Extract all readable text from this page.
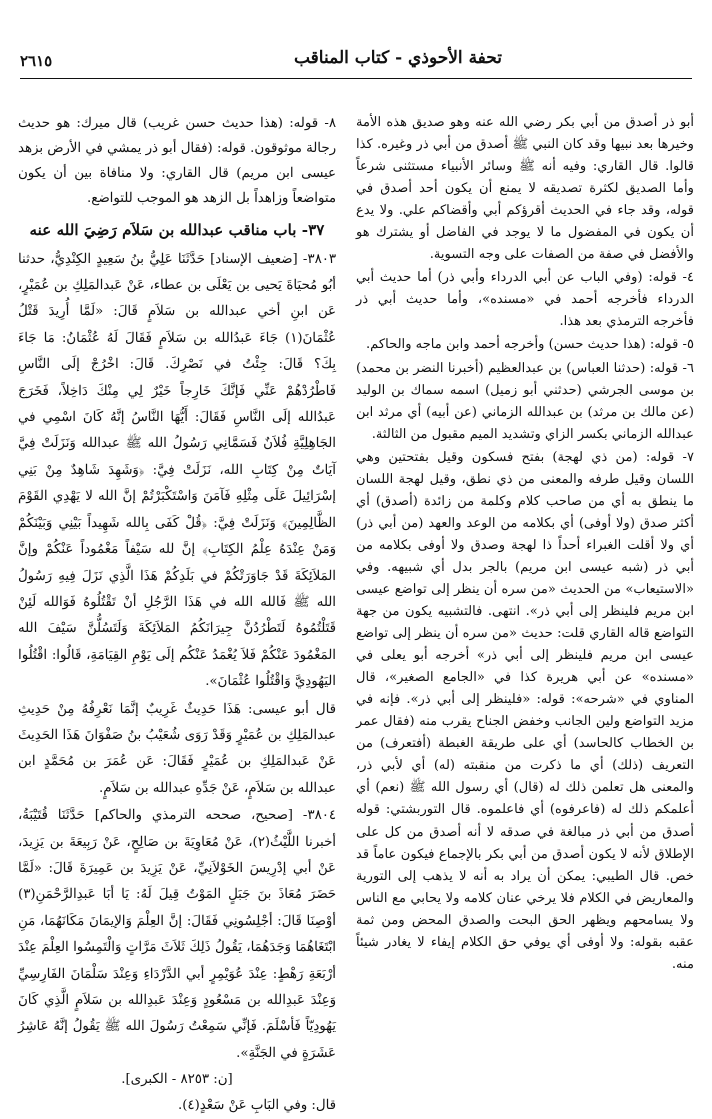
تحفة الأحوذي - كتاب المناقب
٢٦١٥

أبو ذر أصدق من أبي بكر رضي الله عنه وهو صديق هذه الأمة وخيرها بعد نبيها وقد كان النبي ﷺ أصدق من أبي ذر وغيره. كذا قالوا. قال القاري: وفيه أنه ﷺ وسائر الأنبياء مستثنى شرعاً وأما الصديق لكثرة تصديقه لا يمنع أن يكون أحد أصدق في قوله، وقد جاء في الحديث أقرؤكم أبي وأقضاكم علي. ولا يدع أن يكون في المفضول ما لا يوجد في الفاضل أو يشترك هو والأفضل في صفة من الصفات على وجه التسوية.

٤- قوله: (وفي الباب عن أبي الدرداء وأبي ذر) أما حديث أبي الدرداء فأخرجه أحمد في «مسنده»، وأما حديث أبي ذر فأخرجه الترمذي بعد هذا.

٥- قوله: (هذا حديث حسن) وأخرجه أحمد وابن ماجه والحاكم.

٦- قوله: (حدثنا العباس) بن عبدالعظيم (أخبرنا النضر بن محمد) بن موسى الجرشي (حدثني أبو زميل) اسمه سماك بن الوليد (عن مالك بن مرثد) بن عبدالله الزماني (عن أبيه) أي مرثد ابن عبدالله الزماني بكسر الزاي وتشديد الميم مقبول من الثالثة.

٧- قوله: (من ذي لهجة) بفتح فسكون وقيل بفتحتين وهي اللسان وقيل طرفه والمعنى من ذي نطق، وقيل لهجة اللسان ما ينطق به أي من صاحب كلام وكلمة من زائدة (أصدق) أي أكثر صدق (ولا أوفى) أي بكلامه من الوعد والعهد (من أبي ذر) أي ولا أقلت الغبراء أحداً ذا لهجة وصدق ولا أوفى بكلامه من أبي ذر (شبه عيسى ابن مريم) بالجر بدل أي شبيهه. وفي «الاستيعاب» من الحديث «من سره أن ينظر إلى تواضع عيسى ابن مريم فلينظر إلى أبي ذر». انتهى. فالتشبيه يكون من جهة التواضع قاله القاري قلت: حديث «من سره أن ينظر إلى تواضع عيسى ابن مريم فلينظر إلى أبي ذر» أخرجه أبو يعلى في «مسنده» عن أبي هريرة كذا في «الجامع الصغير»، قال المناوي في «شرحه»: قوله: «فلينظر إلى أبي ذر». فإنه في مزيد التواضع ولين الجانب وخفض الجناح يقرب منه (فقال عمر بن الخطاب كالحاسد) أي على طريقة الغبطة (أفتعرف) من التعريف (ذلك) أي ما ذكرت من منقبته (له) أي لأبي ذر، والمعنى هل تعلمن ذلك له (قال) أي رسول الله ﷺ (نعم) أي أعلمكم ذلك له (فاعرفوه) أي فاعلموه. قال التوربشتي: قوله أصدق من أبي ذر مبالغة في صدقه لا أنه أصدق من كل على الإطلاق لأنه لا يكون أصدق من أبي بكر بالإجماع فيكون عاماً قد خص. قال الطيبي: يمكن أن يراد به أنه لا يذهب إلى التورية والمعاريض في الكلام فلا يرخي عنان كلامه ولا يحابي مع الناس ولا يسامحهم ويظهر الحق البحت والصدق المحض ومن ثمة عقبه بقوله: ولا أوفى أي يوفي حق الكلام إيفاء لا يغادر شيئاً منه.

٨- قوله: (هذا حديث حسن غريب) قال ميرك: هو حديث رجالة موثوقون. قوله: (فقال أبو ذر يمشي في الأرض بزهد عيسى ابن مريم) قال القاري: ولا منافاة بين أن يكون متواضعاً وزاهداً بل الزهد هو الموجب للتواضع.

٣٧- باب مناقب عبدالله بن سَلاَم رَضِيَ الله عنه

٣٨٠٣- [ضعيف الإسناد] حَدَّثَنَا عَلِيُّ بنُ سَعِيدٍ الكِنْدِيُّ، حدثنا أبُو مُحيَاةَ يَحيى بن يَعْلَى بن عطاء، عَنْ عَبدالمَلِكِ بن عُمَيْرٍ، عَن ابنِ أخي عبدالله بن سَلاَمٍ قَالَ: «لَمَّا أُرِيدَ قَتْلُ عُثْمَانَ(١) جَاءَ عَبدُالله بن سَلاَمٍ فَقَالَ لَهُ عُثْمَانُ: مَا جَاءَ بِكَ؟ قَالَ: جِئْتُ في نَصْرِكَ. قَالَ: اخْرُجْ إلَى النَّاسِ فَاطْرُدْهُمْ عَنِّي فَإنَّكَ خَارِجاً خَيْرٌ لِي مِنْكَ دَاخِلاً، فَخَرَجَ عَبدُالله إلَى النَّاسِ فَقَالَ: أَيُّهَا النَّاسُ إنَّهُ كَانَ اسْمِي في الجَاهِلِيَّةِ فُلاَنٌ فَسَمَّانِي رَسُولُ الله ﷺ عبدالله وَنَزَلَتْ فِيَّ آيَاتٌ مِنْ كِتَابِ الله، نَزَلَتْ فِيَّ: ﴿وَشَهِدَ شَاهِدٌ مِنْ بَنِي إسْرَائِيلَ عَلَى مِثْلِهِ فَآمَنَ وَاسْتَكْبَرْتُمْ إنَّ الله لا يَهْدِي القَوْمَ الظَّالِمِينَ﴾ وَنَزَلَتْ فِيَّ: ﴿قُلْ كَفَى بِالله شَهِيداً بَيْنِي وَبَيْنَكُمْ وَمَنْ عِنْدَهُ عِلْمُ الكِتَابِ﴾ إنَّ لله سَيْفاً مَغْمُوداً عَنْكُمْ وإنَّ المَلاَئِكَةَ قَدْ جَاوَرَتْكُمْ في بَلَدِكُمْ هَذَا الَّذِي نَزَلَ فِيهِ رَسُولُ الله ﷺ فَالله الله في هَذَا الرَّجُلِ أنْ تَقْتُلُوهُ فَوَالله لَئِنْ قَتَلْتُمُوهُ لَتَطْرُدُنَّ جِيرَانَكُمُ المَلاَئِكَةَ وَلَتَسُلُّنَّ سَيْفَ الله المَغْمُودَ عَنْكُمْ فَلاَ يُغْمَدُ عَنْكُم إلَى يَوْمِ القِيَامَةِ، قَالُوا: اقْتُلُوا اليَهُودِيَّ وَاقْتُلُوا عُثْمَانَ».

قال أبو عيسى: هَذَا حَدِيثٌ غَرِيبٌ إنَّمَا نَعْرِفُهُ مِنْ حَدِيثِ عبدالمَلِكِ بن عُمَيْرٍ وَقَدْ رَوَى شُعَيْبُ بنُ صَفْوَانَ هَذَا الحَدِيثَ عَنْ عَبدالمَلِكِ بن عُمَيْرٍ فَقَالَ: عَن عُمَرَ بن مُحَمَّدٍ ابن عبدالله بن سَلاَمٍ، عَنْ جَدِّهِ عبدالله بن سَلاَمٍ.

٣٨٠٤- [صحيح، صححه الترمذي والحاكم] حَدَّثَنَا قُتَيْبَةُ، أخبرنا اللَّيْثُ(٢)، عَنْ مُعَاوِيَةَ بن صَالِحٍ، عَنْ رَبِيعَةَ بن يَزِيدَ، عَنْ أبي إدْرِيسَ الخَوْلاَنِيِّ، عَنْ يَزِيدَ بن عَمِيرَةَ قَالَ: «لَمَّا حَضَرَ مُعَاذَ بنَ جَبَلٍ المَوْتُ قِيلَ لَهُ: يَا أبَا عَبدِالرَّحْمَنِ(٣) أوْصِنَا قَالَ: أجْلِسُونِي فَقَالَ: إنَّ العِلْمَ وَالإيمَانَ مَكَانَهُمَا، مَنِ ابْتَغَاهُمَا وَجَدَهُمَا، يَقُولُ ذَلِكَ ثَلاَثَ مَرَّاتٍ وَالْتَمِسُوا العِلْمَ عِنْدَ أرْبَعَةِ رَهْطٍ: عِنْدَ عُوَيْمِرٍ أبي الدَّرْدَاءِ وَعِنْدَ سَلْمَانَ الفَارِسِيِّ وَعِنْدَ عَبدِالله بن مَسْعُودٍ وَعِنْدَ عَبدِالله بن سَلاَمٍ الَّذِي كَانَ يَهُودِيّاً فَأسْلَمَ. فَإنِّي سَمِعْتُ رَسُولَ الله ﷺ يَقُولُ إنَّهُ عَاشِرُ عَشَرَةٍ في الجَنَّةِ».

[ن: ٨٢٥٣ - الكبرى].

قال: وفي البَابِ عَنْ سَعْدٍ(٤).
